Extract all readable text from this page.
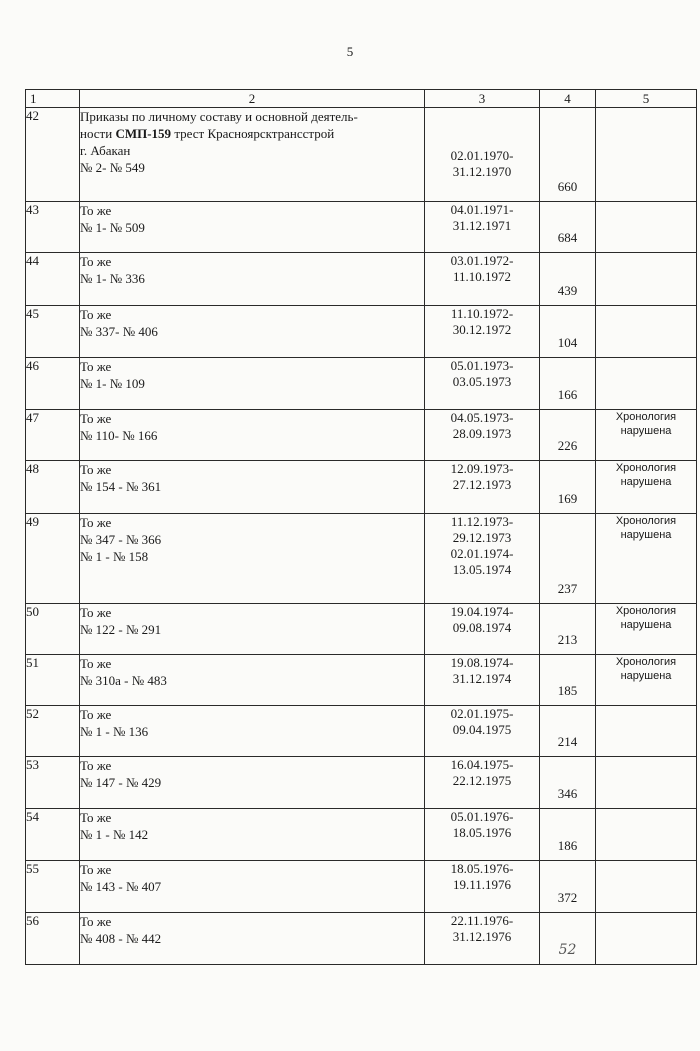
5
1	2	3	4	5
42	Приказы по личному составу и основной деятель-
ности СМП-159 трест Красноярсктрансстрой
г. Абакан
№ 2- № 549	02.01.1970-
31.12.1970	660	

43	То же
№ 1- № 509	04.01.1971-
31.12.1971	684	

44	То же
№ 1- № 336	03.01.1972-
11.10.1972	439	

45	То же
№ 337- № 406	11.10.1972-
30.12.1972	104	

46	То же
№ 1- № 109	05.01.1973-
03.05.1973	166	

47	То же
№ 110- № 166	04.05.1973-
28.09.1973	226	Хронология
нарушена

48	То же
№ 154 - № 361	12.09.1973-
27.12.1973	169	Хронология
нарушена

49	То же
№ 347 - № 366
№ 1 - № 158	11.12.1973-
29.12.1973
02.01.1974-
13.05.1974	237	Хронология
нарушена

50	То же
№ 122 - № 291	19.04.1974-
09.08.1974	213	Хронология
нарушена

51	То же
№ 310а - № 483	19.08.1974-
31.12.1974	185	Хронология
нарушена

52	То же
№ 1 - № 136	02.01.1975-
09.04.1975	214	

53	То же
№ 147 - № 429	16.04.1975-
22.12.1975	346	

54	То же
№ 1 - № 142	05.01.1976-
18.05.1976	186	

55	То же
№ 143 - № 407	18.05.1976-
19.11.1976	372	

56	То же
№ 408 - № 442	22.11.1976-
31.12.1976	52	
